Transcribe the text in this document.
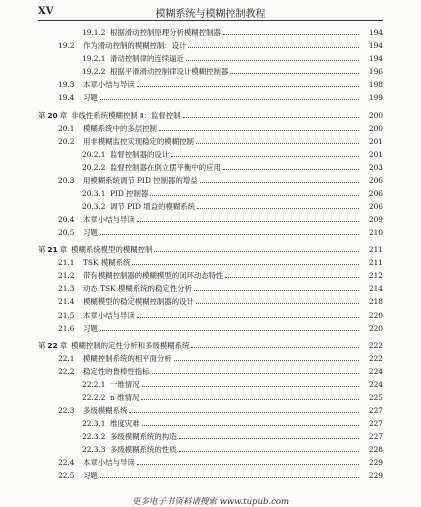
XV	模糊系统与模糊控制教程
19.1.2 根据滑动控制原理分析模糊控制器	194
19.2	作为滑动控制的模糊控制：设计	194
19.2.1 滑动控制律的连续逼近	194
19.2.2 根据平滑滑动控制律设计模糊控制器	196
19.3	本章小结与导读	198
19.4	习题	199
第 20 章 非线性系统模糊控制 Ⅱ：监督控制	200
20.1	模糊系统中的多层控制	200
20.2	用非模糊监控实现稳定的模糊控制	201
20.2.1 监督控制器的设计	201
20.2.2 监督控制器在倒立摆平衡中的应用	203
20.3	用模糊系统调节 PID 控制器的增益	206
20.3.1 PID 控制器	206
20.3.2 调节 PID 增益的模糊系统	206
20.4	本章小结与导读	209
20.5	习题	210
第 21 章 模糊系统模型的模糊控制	211
21.1	TSK 模糊系统	211
21.2	带有模糊控制器的模糊模型的闭环动态特性	212
21.3	动态 TSK 模糊系统的稳定性分析	214
21.4	模糊模型的稳定模糊控制器的设计	218
21.5	本章小结与导读	220
21.6	习题	220
第 22 章 模糊控制的定性分析和多级模糊系统	222
22.1	模糊控制系统的相平面分析	222
22.2	稳定性的鲁棒性指标	224
22.2.1 一维情况	224
22.2.2 n 维情况	225
22.3	多级模糊系统	227
22.3.1 维度灾难	227
22.3.2 多级模糊系统的构造	227
22.3.3 多级模糊系统的性质	228
22.4	本章小结与导读	229
22.5	习题	229
更多电子书资料请搜索 www.tupub.com
